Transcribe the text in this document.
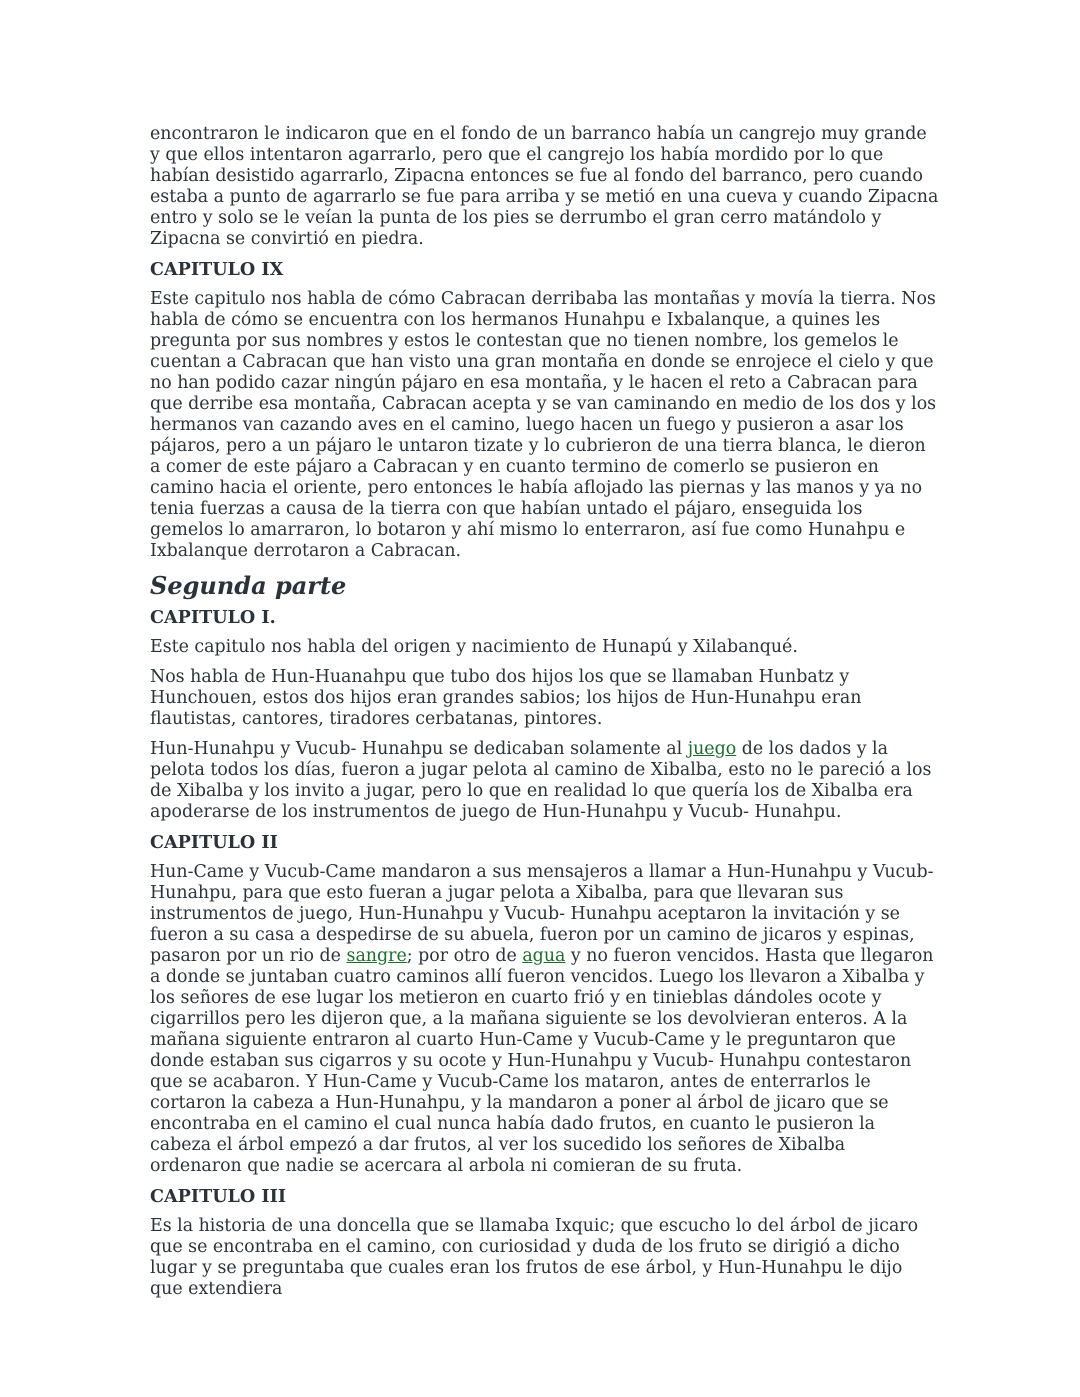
encontraron le indicaron que en el fondo de un barranco había un cangrejo muy grande y que ellos intentaron agarrarlo, pero que el cangrejo los había mordido por lo que habían desistido agarrarlo, Zipacna entonces se fue al fondo del barranco, pero cuando estaba a punto de agarrarlo se fue para arriba y se metió en una cueva y cuando Zipacna entro y solo se le veían la punta de los pies se derrumbo el gran cerro matándolo y Zipacna se convirtió en piedra.

CAPITULO IX

Este capitulo nos habla de cómo Cabracan derribaba las montañas y movía la tierra. Nos habla de cómo se encuentra con los hermanos Hunahpu e Ixbalanque, a quines les pregunta por sus nombres y estos le contestan que no tienen nombre, los gemelos le cuentan a Cabracan que han visto una gran montaña en donde se enrojece el cielo y que no han podido cazar ningún pájaro en esa montaña, y le hacen el reto a Cabracan para que derribe esa montaña, Cabracan acepta y se van caminando en medio de los dos y los hermanos van cazando aves en el camino, luego hacen un fuego y pusieron a asar los pájaros, pero a un pájaro le untaron tizate y lo cubrieron de una tierra blanca, le dieron a comer de este pájaro a Cabracan y en cuanto termino de comerlo se pusieron en camino hacia el oriente, pero entonces le había aflojado las piernas y las manos y ya no tenia fuerzas a causa de la tierra con que habían untado el pájaro, enseguida los gemelos lo amarraron, lo botaron y ahí mismo lo enterraron, así fue como Hunahpu e Ixbalanque derrotaron a Cabracan.

Segunda parte
CAPITULO I.

Este capitulo nos habla del origen y nacimiento de Hunapú y Xilabanqué.

Nos habla de Hun-Huanahpu que tubo dos hijos los que se llamaban Hunbatz y Hunchouen, estos dos hijos eran grandes sabios; los hijos de Hun-Hunahpu eran flautistas, cantores, tiradores cerbatanas, pintores.

Hun-Hunahpu y Vucub- Hunahpu se dedicaban solamente al juego de los dados y la pelota todos los días, fueron a jugar pelota al camino de Xibalba, esto no le pareció a los de Xibalba y los invito a jugar, pero lo que en realidad lo que quería los de Xibalba era apoderarse de los instrumentos de juego de Hun-Hunahpu y Vucub- Hunahpu.

CAPITULO II

Hun-Came y Vucub-Came mandaron a sus mensajeros a llamar a Hun-Hunahpu y Vucub-Hunahpu, para que esto fueran a jugar pelota a Xibalba, para que llevaran sus instrumentos de juego, Hun-Hunahpu y Vucub- Hunahpu aceptaron la invitación y se fueron a su casa a despedirse de su abuela, fueron por un camino de jicaros y espinas, pasaron por un rio de sangre; por otro de agua y no fueron vencidos. Hasta que llegaron a donde se juntaban cuatro caminos allí fueron vencidos. Luego los llevaron a Xibalba y los señores de ese lugar los metieron en cuarto frió y en tinieblas dándoles ocote y cigarrillos pero les dijeron que, a la mañana siguiente se los devolvieran enteros. A la mañana siguiente entraron al cuarto Hun-Came y Vucub-Came y le preguntaron que donde estaban sus cigarros y su ocote y Hun-Hunahpu y Vucub- Hunahpu contestaron que se acabaron. Y Hun-Came y Vucub-Came los mataron, antes de enterrarlos le cortaron la cabeza a Hun-Hunahpu, y la mandaron a poner al árbol de jicaro que se encontraba en el camino el cual nunca había dado frutos, en cuanto le pusieron la cabeza el árbol empezó a dar frutos, al ver los sucedido los señores de Xibalba ordenaron que nadie se acercara al arbola ni comieran de su fruta.

CAPITULO III

Es la historia de una doncella que se llamaba Ixquic; que escucho lo del árbol de jicaro que se encontraba en el camino, con curiosidad y duda de los fruto se dirigió a dicho lugar y se preguntaba que cuales eran los frutos de ese árbol, y Hun-Hunahpu le dijo que extendiera
